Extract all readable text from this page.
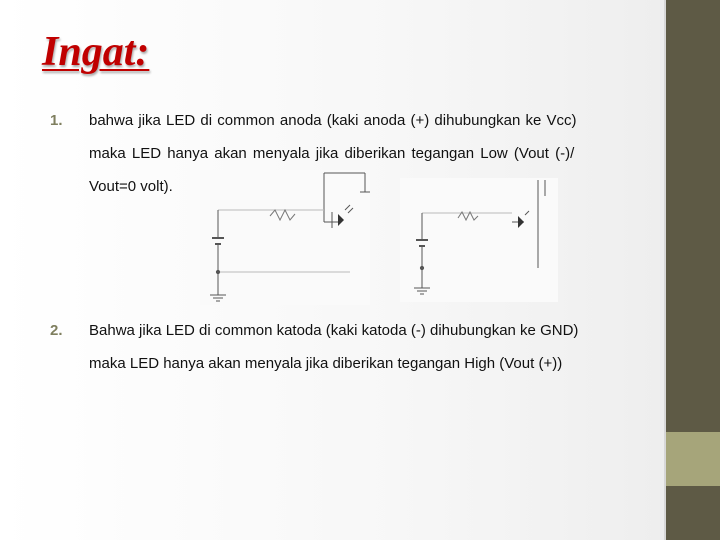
Ingat:
1. bahwa jika LED di common anoda (kaki anoda (+) dihubungkan ke Vcc)
maka LED hanya akan menyala jika diberikan tegangan Low (Vout (-)/
Vout=0 volt).
2. Bahwa jika LED di common katoda (kaki katoda (-) dihubungkan ke GND)
maka LED hanya akan menyala jika diberikan tegangan High (Vout (+))
